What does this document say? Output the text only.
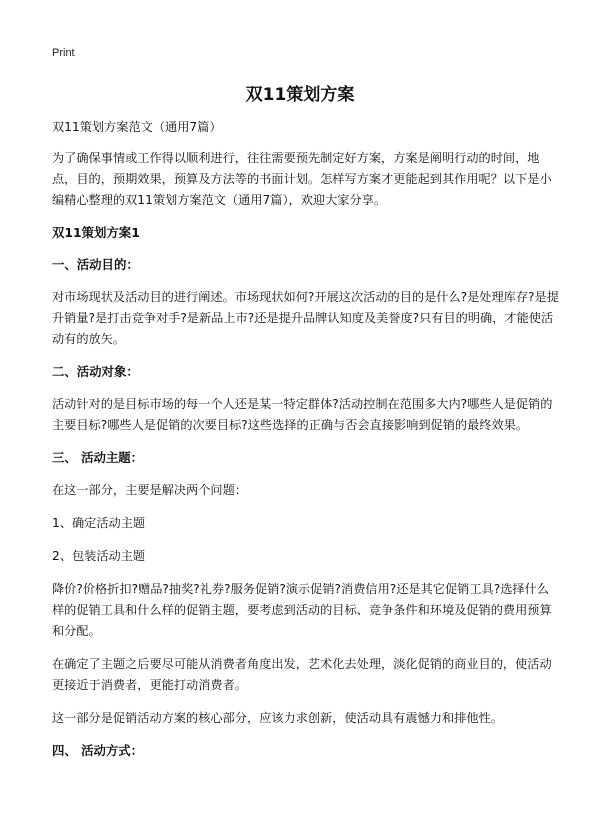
Print
双11策划方案

双11策划方案范文（通用7篇）

为了确保事情或工作得以顺利进行，往往需要预先制定好方案，方案是阐明行动的时间，地点，目的，预期效果，预算及方法等的书面计划。怎样写方案才更能起到其作用呢？以下是小编精心整理的双11策划方案范文（通用7篇），欢迎大家分享。

双11策划方案1
一、活动目的：

对市场现状及活动目的进行阐述。市场现状如何?开展这次活动的目的是什么?是处理库存?是提升销量?是打击竞争对手?是新品上市?还是提升品牌认知度及美誉度?只有目的明确，才能使活动有的放矢。

二、活动对象：

活动针对的是目标市场的每一个人还是某一特定群体?活动控制在范围多大内?哪些人是促销的主要目标?哪些人是促销的次要目标?这些选择的正确与否会直接影响到促销的最终效果。

三、 活动主题：
在这一部分，主要是解决两个问题：
1、确定活动主题
2、包装活动主题

降价?价格折扣?赠品?抽奖?礼券?服务促销?演示促销?消费信用?还是其它促销工具?选择什么样的促销工具和什么样的促销主题，要考虑到活动的目标、竞争条件和环境及促销的费用预算和分配。

在确定了主题之后要尽可能从消费者角度出发，艺术化去处理，淡化促销的商业目的，使活动更接近于消费者，更能打动消费者。

这一部分是促销活动方案的核心部分，应该力求创新，使活动具有震憾力和排他性。

四、 活动方式：
